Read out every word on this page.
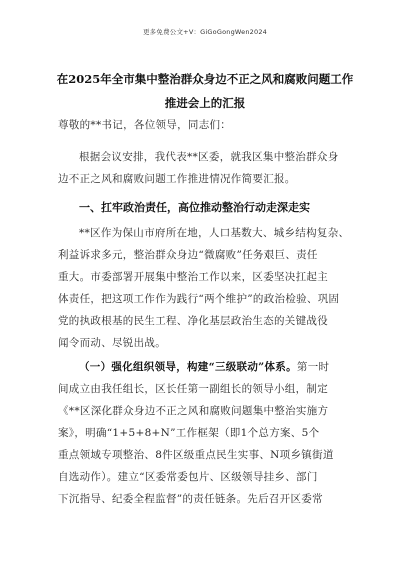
更多免费公文+V：GiGoGongWen2024
在2025年全市集中整治群众身边不正之风和腐败问题工作
推进会上的汇报
尊敬的**书记，各位领导，同志们：
根据会议安排，我代表**区委，就我区集中整治群众身
边不正之风和腐败问题工作推进情况作简要汇报。
一、扛牢政治责任，高位推动整治行动走深走实
**区作为保山市府所在地，人口基数大、城乡结构复杂、
利益诉求多元，整治群众身边“微腐败”任务艰巨、责任
重大。市委部署开展集中整治工作以来，区委坚决扛起主
体责任，把这项工作作为践行“两个维护”的政治检验、巩固
党的执政根基的民生工程、净化基层政治生态的关键战役
闻令而动、尽锐出战。
（一）强化组织领导，构建“三级联动”体系。第一时
间成立由我任组长，区长任第一副组长的领导小组，制定
《**区深化群众身边不正之风和腐败问题集中整治实施方
案》，明确“1+5+8+N”工作框架（即1个总方案、5个
重点领域专项整治、8件区级重点民生实事、N项乡镇街道
自选动作）。建立“区委常委包片、区级领导挂乡、部门
下沉指导、纪委全程监督”的责任链条。先后召开区委常
